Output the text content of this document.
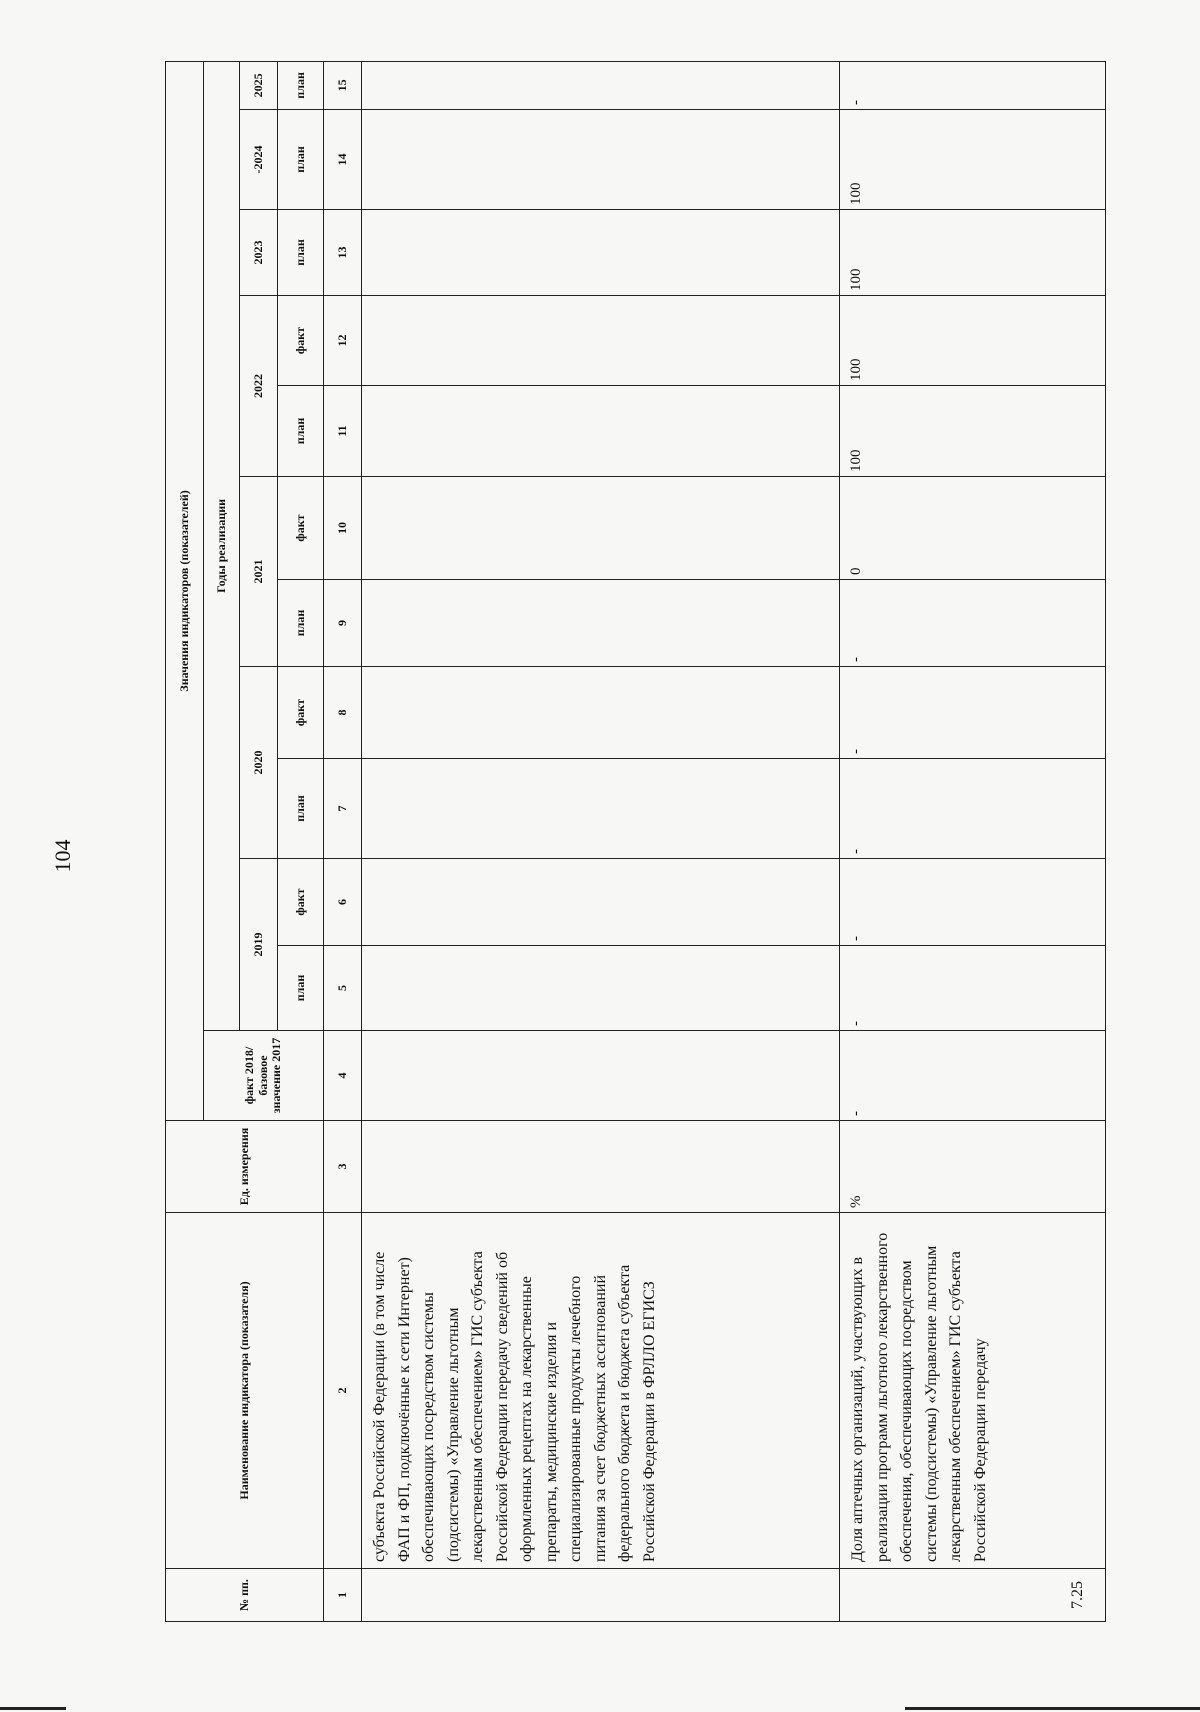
104
№ пп.	Наименование индикатора (показателя)	Ед. измерения	Значения индикаторов (показателей)											
			факт 2018/базовое значение 2017	Годы реализации										
				2019		2020		2021		2022		2023	-2024	2025
				план	факт	план	факт	план	факт	план	факт	план	план	план
1	2	3	4	5	6	7	8	9	10	11	12	13	14	15
	субъекта Российской Федерации (в том числе ФАП и ФП, подключённые к сети Интернет) обеспечивающих посредством системы (подсистемы) «Управление льготным лекарственным обеспечением» ГИС субъекта Российской Федерации передачу сведений об оформленных рецептах на лекарственные препараты, медицинские изделия и специализированные продукты лечебного питания за счет бюджетных ассигнований федерального бюджета и бюджета субъекта Российской Федерации в ФРЛЛО ЕГИСЗ													
7.25	Доля аптечных организаций, участвующих в реализации программ льготного лекарственного обеспечения, обеспечивающих посредством системы (подсистемы) «Управление льготным лекарственным обеспечением» ГИС субъекта Российской Федерации передачу	%	-	-	-	-	-	-	0	100	100	100	100	-
